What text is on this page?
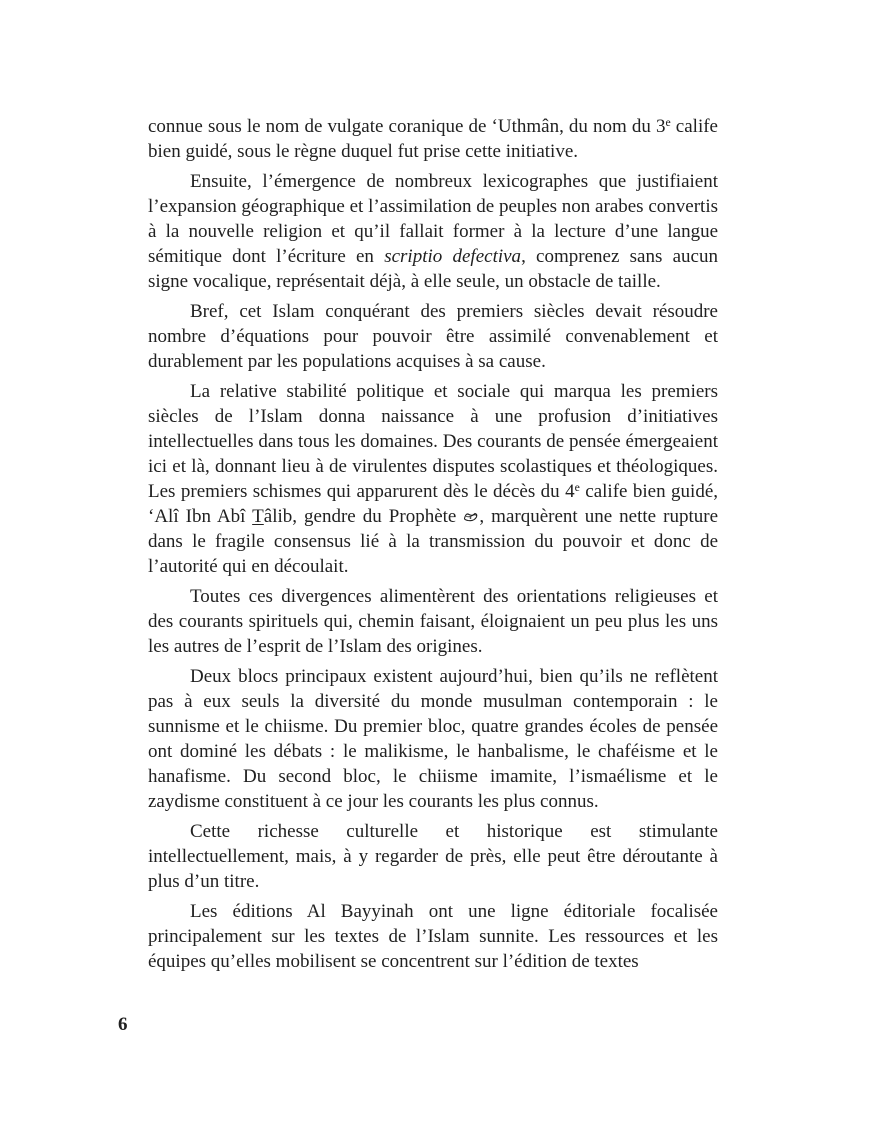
connue sous le nom de vulgate coranique de ‘Uthmân, du nom du 3e calife bien guidé, sous le règne duquel fut prise cette initiative.

Ensuite, l’émergence de nombreux lexicographes que justifiaient l’expansion géographique et l’assimilation de peuples non arabes convertis à la nouvelle religion et qu’il fallait former à la lecture d’une langue sémitique dont l’écriture en scriptio defectiva, comprenez sans aucun signe vocalique, représentait déjà, à elle seule, un obstacle de taille.

Bref, cet Islam conquérant des premiers siècles devait résoudre nombre d’équations pour pouvoir être assimilé convenablement et durablement par les populations acquises à sa cause.

La relative stabilité politique et sociale qui marqua les premiers siècles de l’Islam donna naissance à une profusion d’initiatives intellectuelles dans tous les domaines. Des courants de pensée émergeaient ici et là, donnant lieu à de virulentes disputes scolastiques et théologiques. Les premiers schismes qui apparurent dès le décès du 4e calife bien guidé, ‘Alî Ibn Abî Tâlib, gendre du Prophète , marquèrent une nette rupture dans le fragile consensus lié à la transmission du pouvoir et donc de l’autorité qui en découlait.

Toutes ces divergences alimentèrent des orientations religieuses et des courants spirituels qui, chemin faisant, éloignaient un peu plus les uns les autres de l’esprit de l’Islam des origines.

Deux blocs principaux existent aujourd’hui, bien qu’ils ne reflètent pas à eux seuls la diversité du monde musulman contemporain : le sunnisme et le chiisme. Du premier bloc, quatre grandes écoles de pensée ont dominé les débats : le malikisme, le hanbalisme, le chaféisme et le hanafisme. Du second bloc, le chiisme imamite, l’ismaélisme et le zaydisme constituent à ce jour les courants les plus connus.

Cette richesse culturelle et historique est stimulante intellectuellement, mais, à y regarder de près, elle peut être déroutante à plus d’un titre.

Les éditions Al Bayyinah ont une ligne éditoriale focalisée principalement sur les textes de l’Islam sunnite. Les ressources et les équipes qu’elles mobilisent se concentrent sur l’édition de textes

6
